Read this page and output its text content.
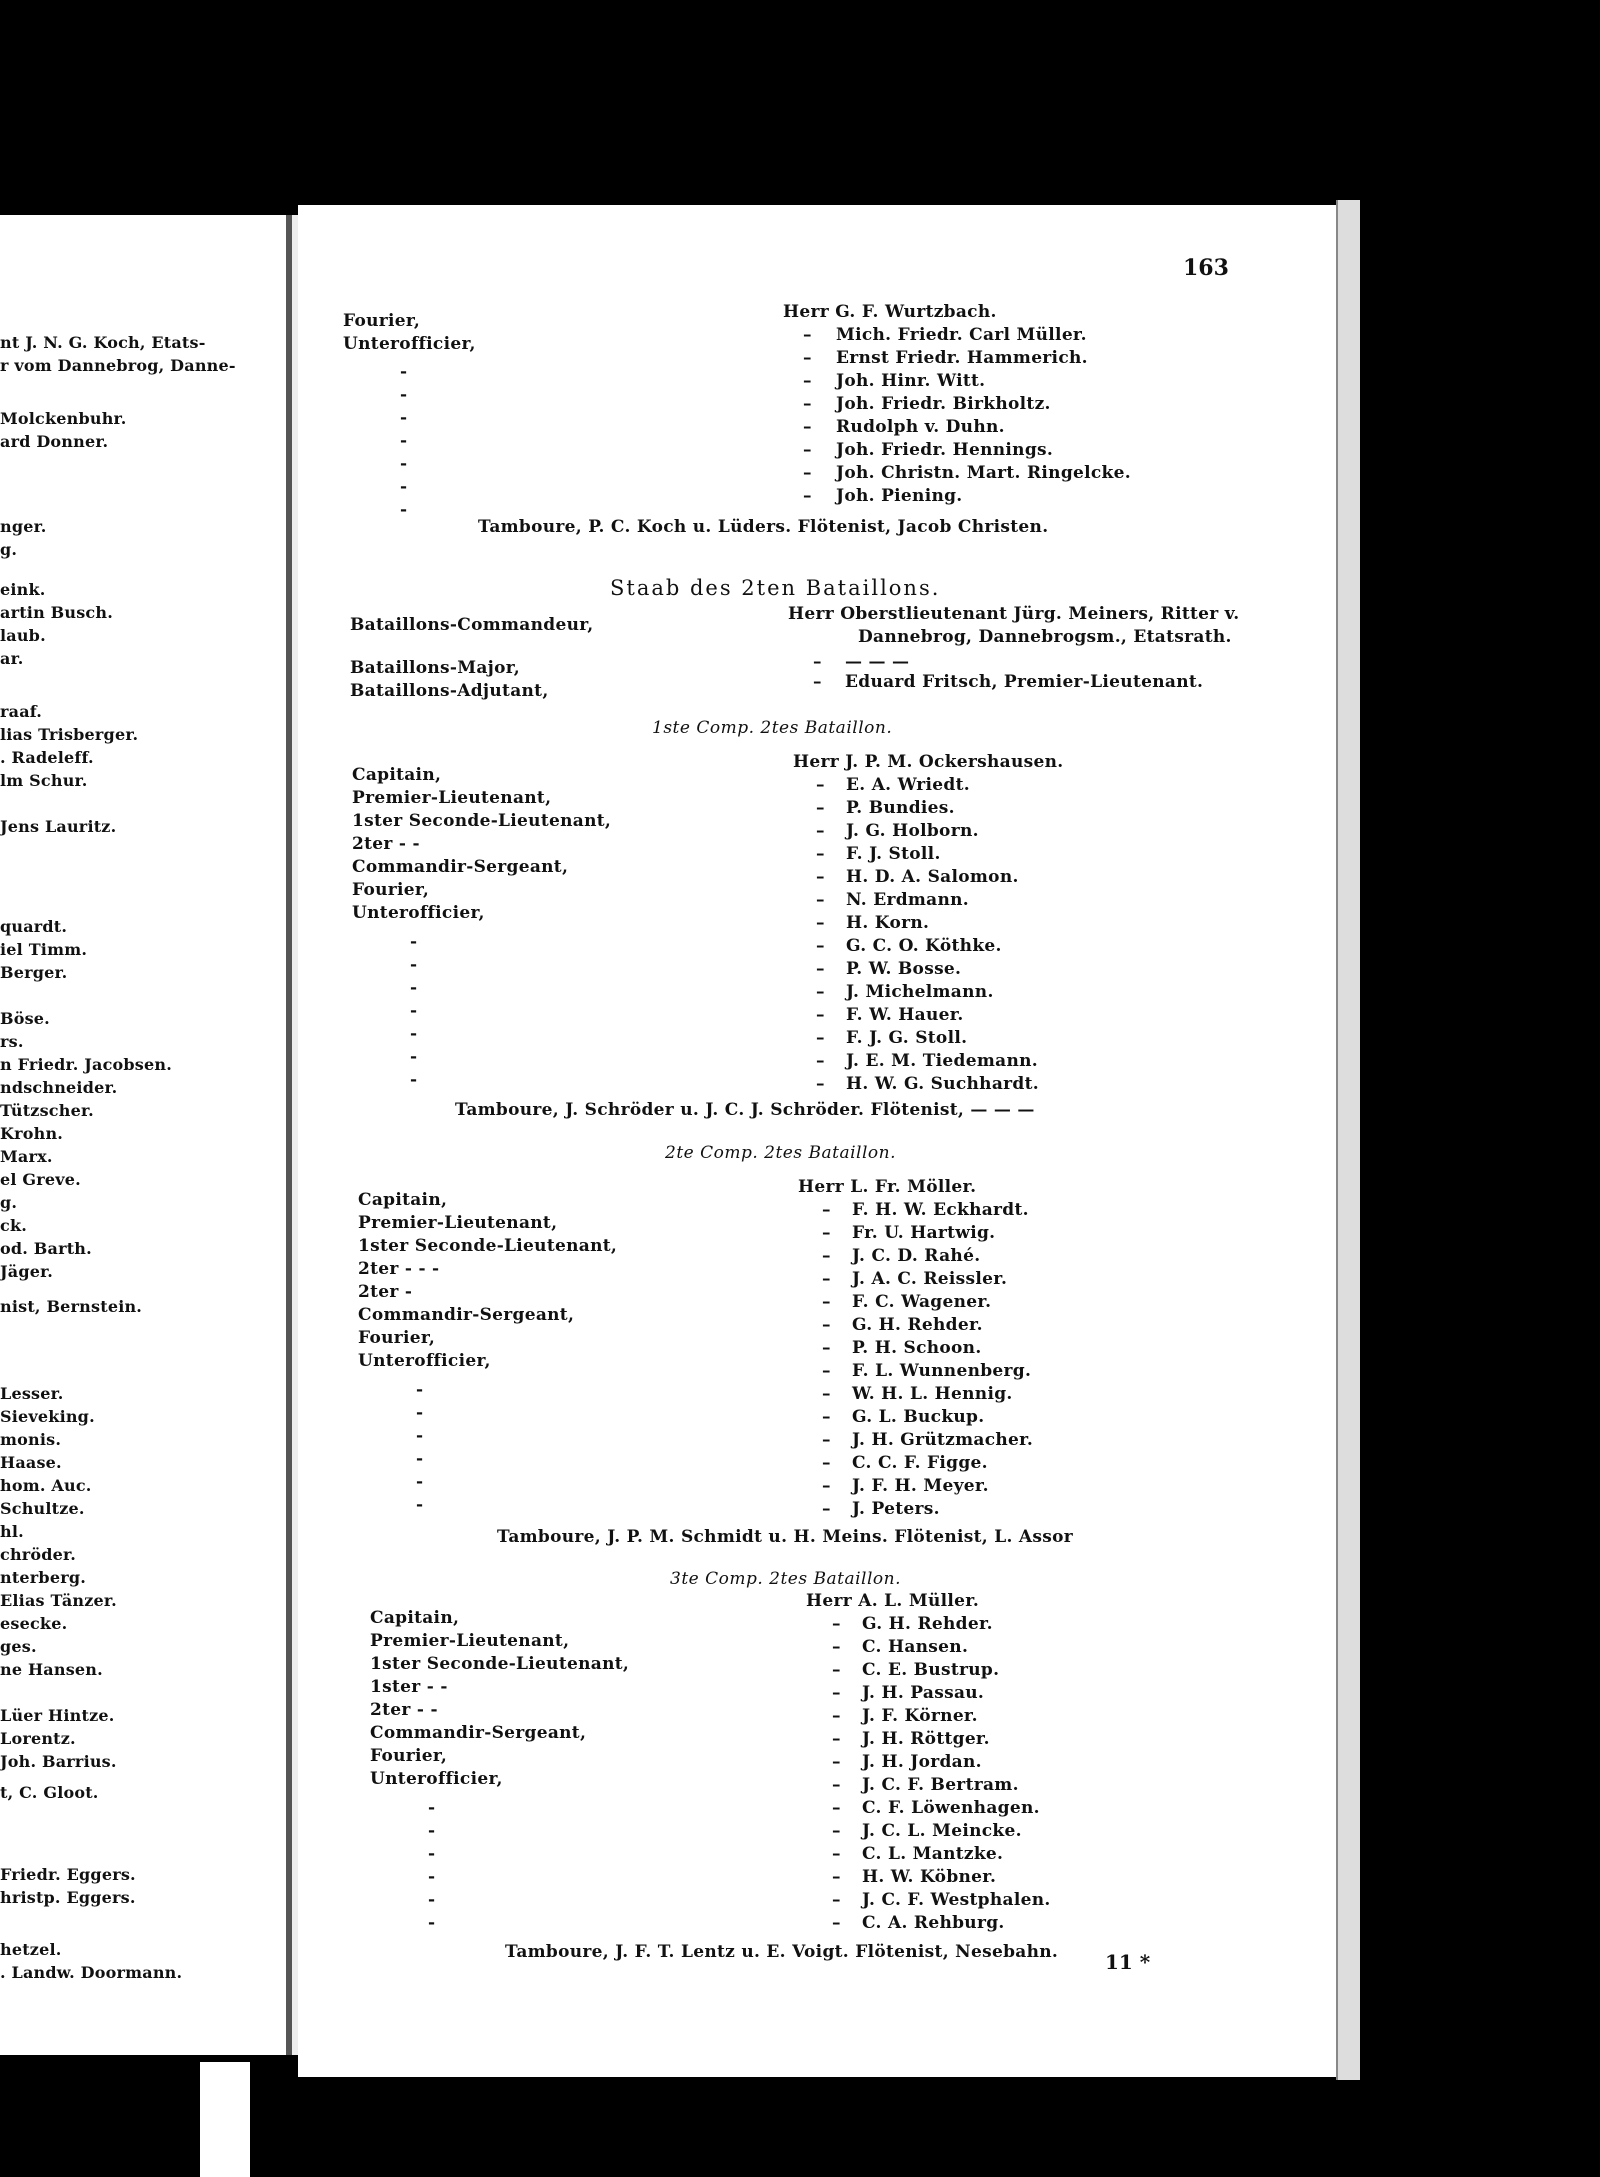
nt J. N. G. Koch, Etats-
r vom Dannebrog, Danne-
Molckenbuhr.
ard Donner.
nger.
g.
eink.
artin Busch.
laub.
ar.
raaf.
lias Trisberger.
. Radeleff.
lm Schur.
Jens Lauritz.
quardt.
iel Timm.
Berger.
Böse.
rs.
n Friedr. Jacobsen.
ndschneider.
Tützscher.
Krohn.
Marx.
el Greve.
g.
ck.
od. Barth.
Jäger.
nist, Bernstein.
Lesser.
Sieveking.
monis.
Haase.
hom. Auc.
Schultze.
hl.
chröder.
nterberg.
Elias Tänzer.
esecke.
ges.
ne Hansen.
Lüer Hintze.
Lorentz.
Joh. Barrius.
t, C. Gloot.
Friedr. Eggers.
hristp. Eggers.
hetzel.
. Landw. Doormann.
163
Fourier,
Unterofficier,
-
-
-
-
-
-
-
Herr G. F. Wurtzbach.
– Mich. Friedr. Carl Müller.
– Ernst Friedr. Hammerich.
– Joh. Hinr. Witt.
– Joh. Friedr. Birkholtz.
– Rudolph v. Duhn.
– Joh. Friedr. Hennings.
– Joh. Christn. Mart. Ringelcke.
– Joh. Piening.
Tamboure, P. C. Koch u. Lüders. Flötenist, Jacob Christen.
Staab des 2ten Bataillons.
Bataillons-Commandeur,
Herr Oberstlieutenant Jürg. Meiners, Ritter v.
Dannebrog, Dannebrogsm., Etatsrath.
Bataillons-Major,	– — — —
Bataillons-Adjutant,	– Eduard Fritsch, Premier-Lieutenant.
1ste Comp. 2tes Bataillon.
Capitain,
Premier-Lieutenant,
1ster Seconde-Lieutenant,
2ter - -
Commandir-Sergeant,
Fourier,
Unterofficier,
-
-
-
-
-
-
-
Herr J. P. M. Ockershausen.
– E. A. Wriedt.
– P. Bundies.
– J. G. Holborn.
– F. J. Stoll.
– H. D. A. Salomon.
– N. Erdmann.
– H. Korn.
– G. C. O. Köthke.
– P. W. Bosse.
– J. Michelmann.
– F. W. Hauer.
– F. J. G. Stoll.
– J. E. M. Tiedemann.
– H. W. G. Suchhardt.
Tamboure, J. Schröder u. J. C. J. Schröder. Flötenist, — — —
2te Comp. 2tes Bataillon.
Capitain,
Premier-Lieutenant,
1ster Seconde-Lieutenant,
2ter - - -
2ter -
Commandir-Sergeant,
Fourier,
Unterofficier,
-
-
-
-
-
-
Herr L. Fr. Möller.
– F. H. W. Eckhardt.
– Fr. U. Hartwig.
– J. C. D. Rahé.
– J. A. C. Reissler.
– F. C. Wagener.
– G. H. Rehder.
– P. H. Schoon.
– F. L. Wunnenberg.
– W. H. L. Hennig.
– G. L. Buckup.
– J. H. Grützmacher.
– C. C. F. Figge.
– J. F. H. Meyer.
– J. Peters.
Tamboure, J. P. M. Schmidt u. H. Meins. Flötenist, L. Assor
3te Comp. 2tes Bataillon.
Capitain,
Premier-Lieutenant,
1ster Seconde-Lieutenant,
1ster - -
2ter - -
Commandir-Sergeant,
Fourier,
Unterofficier,
-
-
-
-
-
-
Herr A. L. Müller.
– G. H. Rehder.
– C. Hansen.
– C. E. Bustrup.
– J. H. Passau.
– J. F. Körner.
– J. H. Röttger.
– J. H. Jordan.
– J. C. F. Bertram.
– C. F. Löwenhagen.
– J. C. L. Meincke.
– C. L. Mantzke.
– H. W. Köbner.
– J. C. F. Westphalen.
– C. A. Rehburg.
Tamboure, J. F. T. Lentz u. E. Voigt. Flötenist, Nesebahn. 11 *
